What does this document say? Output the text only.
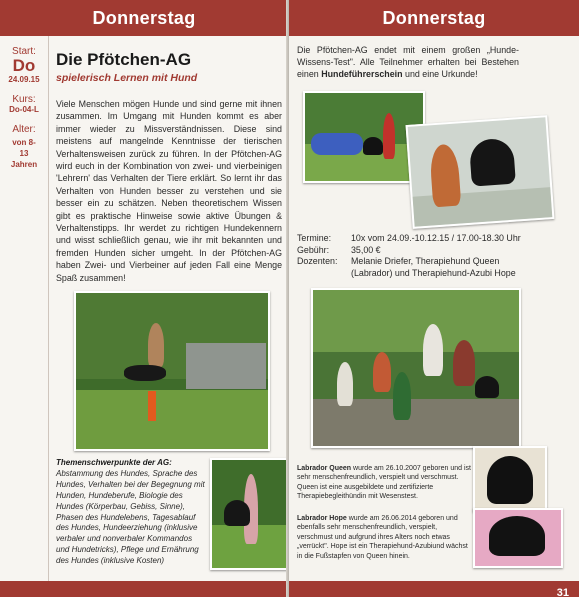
Donnerstag
Start:
Do
24.09.15
Kurs:
Do-04-L
Alter:
von 8-13 Jahren
Die Pfötchen-AG
spielerisch Lernen mit Hund
Viele Menschen mögen Hunde und sind gerne mit ihnen zusammen. Im Umgang mit Hunden kommt es aber immer wieder zu Missverständnissen. Diese sind meistens auf mangelnde Kenntnisse der tierischen Verhaltensweisen zurück zu führen. In der Pfötchen-AG wird euch in der Kombination von zwei- und vierbeinigen 'Lehrern' das Verhalten der Tiere erklärt. So lernt ihr das Verhalten von Hunden besser zu verstehen und sie besser ein zu schätzen. Neben theoretischem Wissen gibt es praktische Hinweise sowie aktive Übungen & Verhaltenstipps. Ihr werdet zu richtigen Hundekennern und wisst schließlich genau, wie ihr mit bekannten und fremden Hunden sicher umgeht. In der Pfötchen-AG haben Zwei- und Vierbeiner auf jeden Fall eine Menge Spaß zusammen!
Themenschwerpunkte der AG:
Abstammung des Hundes, Sprache des Hundes, Verhalten bei der Begegnung mit Hunden, Hundeberufe, Biologie des Hundes (Körperbau, Gebiss, Sinne), Phasen des Hundelebens, Tagesablauf des Hundes, Hundeerziehung (inklusive verbaler und nonverbaler Kommandos und Hundetricks), Pflege und Ernährung des Hundes (inklusive Kosten)
Donnerstag
Die Pfötchen-AG endet mit einem großen „Hunde-Wissens-Test". Alle Teilnehmer erhalten bei Bestehen einen Hundeführerschein und eine Urkunde!
Termine:	10x vom 24.09.-10.12.15 / 17.00-18.30 Uhr
Gebühr:	35,00 €
Dozenten:	Melanie Driefer, Therapiehund Queen (Labrador) und Therapiehund-Azubi Hope
Labrador Queen wurde am 26.10.2007 geboren und ist sehr menschenfreundlich, verspielt und verschmust. Queen ist eine ausgebildete und zertifizierte Therapiebegleithündin mit Wesenstest.
Labrador Hope wurde am 26.06.2014 geboren und ebenfalls sehr menschenfreundlich, verspielt, verschmust und aufgrund ihres Alters noch etwas „verrückt". Hope ist ein Therapiehund-Azubiund wächst in die Fußstapfen von Queen hinein.
31
